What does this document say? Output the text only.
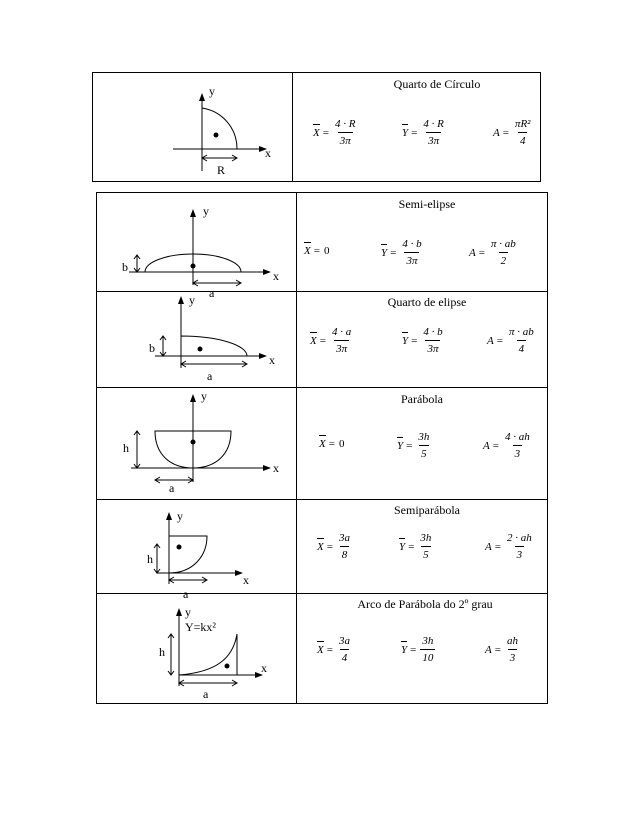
y
x
R
Quarto de Círculo
$X = \frac{4 \cdot R}{3\pi}$	$Y = \frac{4 \cdot R}{3\pi}$	$A = \frac{\text{πR²}}{4}$
y
x
b
a
Semi-elipse
X = 0	$Y = \frac{4 \cdot b}{3\pi}$	$A = \frac{\pi \cdot ab}{2}$
y
x
b
a
Quarto de elipse
$X = \frac{4 \cdot a}{3\pi}$	$Y = \frac{4 \cdot b}{3\pi}$	$A = \frac{\pi \cdot ab}{4}$
y
x
h
a
Parábola
X = 0	$Y = \frac{3h}{5}$	$A = \frac{4 \cdot ah}{3}$
y
x
h
a
Semiparábola
$X = \frac{3a}{8}$	$Y = \frac{3h}{5}$	$A = \frac{2 \cdot ah}{3}$
y
Y=kx²
x
h
a
Arco de Parábola do 2º grau
$X = \frac{3a}{4}$	$Y = \frac{3h}{10}$	$A = \frac{ah}{3}$
